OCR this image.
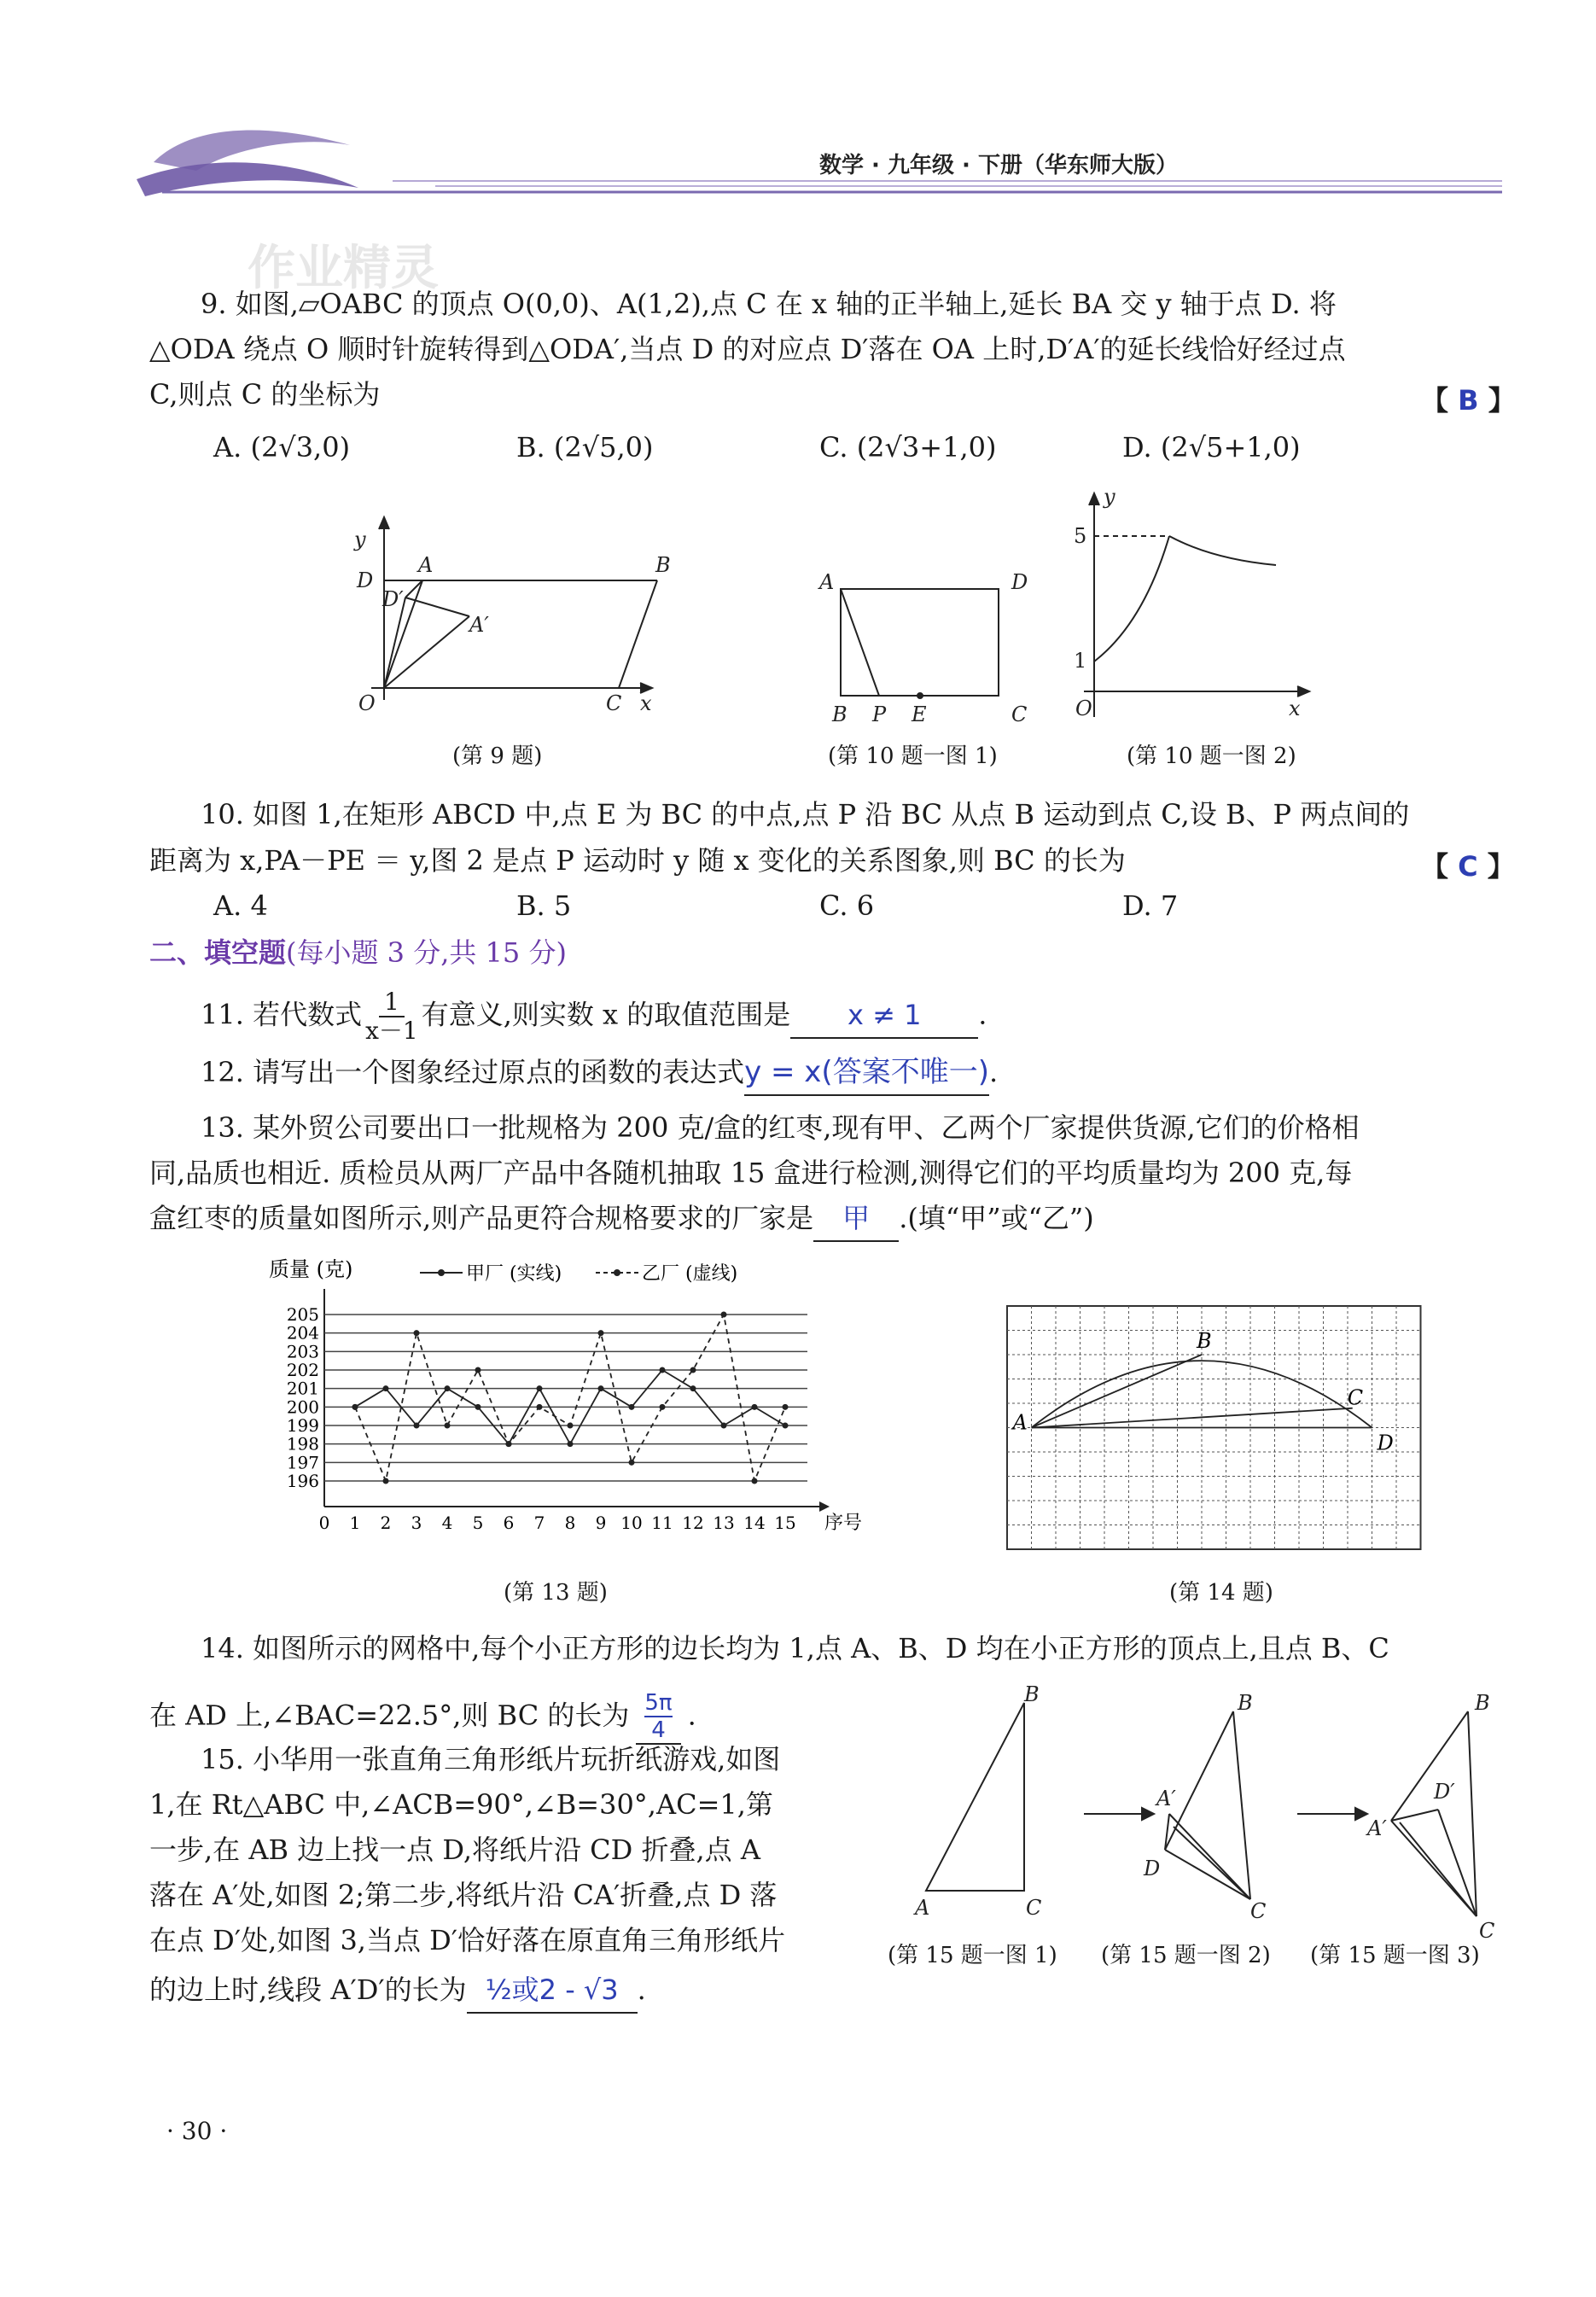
数学 · 九年级 · 下册（华东师大版）
作业精灵
9. 如图,▱OABC 的顶点 O(0,0)、A(1,2),点 C 在 x 轴的正半轴上,延长 BA 交 y 轴于点 D. 将
△ODA 绕点 O 顺时针旋转得到△ODA′,当点 D 的对应点 D′落在 OA 上时,D′A′的延长线恰好经过点
C,则点 C 的坐标为	【 B 】
A. (2√3,0)	B. (2√5,0)	C. (2√3+1,0)	D. (2√5+1,0)
y
D
A	B
D′
A′
O	C x
A	D
B P E	C
y
5
1
O	x
(第 9 题)	(第 10 题一图 1)	(第 10 题一图 2)
10. 如图 1,在矩形 ABCD 中,点 E 为 BC 的中点,点 P 沿 BC 从点 B 运动到点 C,设 B、P 两点间的
距离为 x,PA－PE ＝ y,图 2 是点 P 运动时 y 随 x 变化的关系图象,则 BC 的长为	【 C 】
A. 4	B. 5	C. 6	D. 7
二、填空题(每小题 3 分,共 15 分)
11. 若代数式 $\frac{1}{x-1}$ 有意义,则实数 x 的取值范围是 x ≠ 1 .
12. 请写出一个图象经过原点的函数的表达式y = x(答案不唯一).
13. 某外贸公司要出口一批规格为 200 克/盒的红枣,现有甲、乙两个厂家提供货源,它们的价格相
同,品质也相近. 质检员从两厂产品中各随机抽取 15 盒进行检测,测得它们的平均质量均为 200 克,每
盒红枣的质量如图所示,则产品更符合规格要求的厂家是 甲 .(填“甲”或“乙”)
质量 (克)	甲厂 (实线)	乙厂 (虚线)
205
204
203
202
201
200
199
198
197
196
0 1 2 3 4 5 6 7 8 9 10 11 12 13 14 15 序号
(第 13 题)
A
B
C
D
(第 14 题)
14. 如图所示的网格中,每个小正方形的边长均为 1,点 A、B、D 均在小正方形的顶点上,且点 B、C
在 AD 上,∠BAC=22.5°,则 BC 的长为 $\frac{5\pi}{4}$ .
15. 小华用一张直角三角形纸片玩折纸游戏,如图
1,在 Rt△ABC 中,∠ACB=90°,∠B=30°,AC=1,第
一步,在 AB 边上找一点 D,将纸片沿 CD 折叠,点 A
落在 A′处,如图 2;第二步,将纸片沿 CA′折叠,点 D 落
在点 D′处,如图 3,当点 D′恰好落在原直角三角形纸片
的边上时,线段 A′D′的长为 ½或2 - √3 .
B
A	C
B
A′
D
C
B
D′
A′
C
(第 15 题一图 1) (第 15 题一图 2) (第 15 题一图 3)
· 30 ·
